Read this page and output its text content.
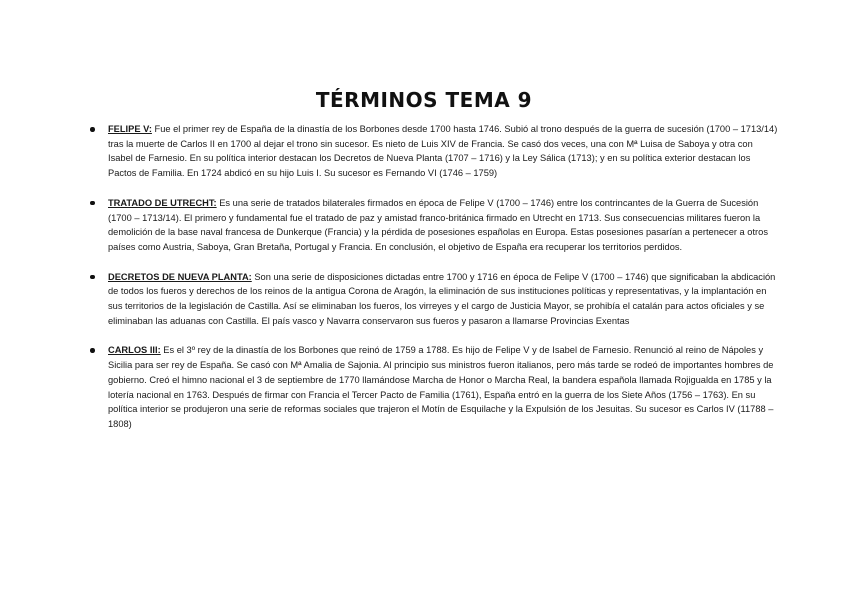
TÉRMINOS TEMA 9
FELIPE V: Fue el primer rey de España de la dinastía de los Borbones desde 1700 hasta 1746. Subió al trono después de la guerra de sucesión (1700 – 1713/14) tras la muerte de Carlos II en 1700 al dejar el trono sin sucesor. Es nieto de Luis XIV de Francia. Se casó dos veces, una con Mª Luisa de Saboya y otra con Isabel de Farnesio. En su política interior destacan los Decretos de Nueva Planta (1707 – 1716) y la Ley Sálica (1713); y en su política exterior destacan los Pactos de Familia. En 1724 abdicó en su hijo Luis I. Su sucesor es Fernando VI (1746 – 1759)
TRATADO DE UTRECHT: Es una serie de tratados bilaterales firmados en época de Felipe V (1700 – 1746) entre los contrincantes de la Guerra de Sucesión (1700 – 1713/14). El primero y fundamental fue el tratado de paz y amistad franco-británica firmado en Utrecht en 1713. Sus consecuencias militares fueron la demolición de la base naval francesa de Dunkerque (Francia) y la pérdida de posesiones españolas en Europa. Estas posesiones pasarían a pertenecer a otros países como Austria, Saboya, Gran Bretaña, Portugal y Francia. En conclusión, el objetivo de España era recuperar los territorios perdidos.
DECRETOS DE NUEVA PLANTA: Son una serie de disposiciones dictadas entre 1700 y 1716 en época de Felipe V (1700 – 1746) que significaban la abdicación de todos los fueros y derechos de los reinos de la antigua Corona de Aragón, la eliminación de sus instituciones políticas y representativas, y la implantación en sus territorios de la legislación de Castilla. Así se eliminaban los fueros, los virreyes y el cargo de Justicia Mayor, se prohibía el catalán para actos oficiales y se eliminaban las aduanas con Castilla. El país vasco y Navarra conservaron sus fueros y pasaron a llamarse Provincias Exentas
CARLOS III: Es el 3º rey de la dinastía de los Borbones que reinó de 1759 a 1788. Es hijo de Felipe V y de Isabel de Farnesio. Renunció al reino de Nápoles y Sicilia para ser rey de España. Se casó con Mª Amalia de Sajonia. Al principio sus ministros fueron italianos, pero más tarde se rodeó de importantes hombres de gobierno. Creó el himno nacional el 3 de septiembre de 1770 llamándose Marcha de Honor o Marcha Real, la bandera española llamada Rojigualda en 1785 y la lotería nacional en 1763. Después de firmar con Francia el Tercer Pacto de Familia (1761), España entró en la guerra de los Siete Años (1756 – 1763). En su política interior se produjeron una serie de reformas sociales que trajeron el Motín de Esquilache y la Expulsión de los Jesuitas. Su sucesor es Carlos IV (11788 – 1808)
